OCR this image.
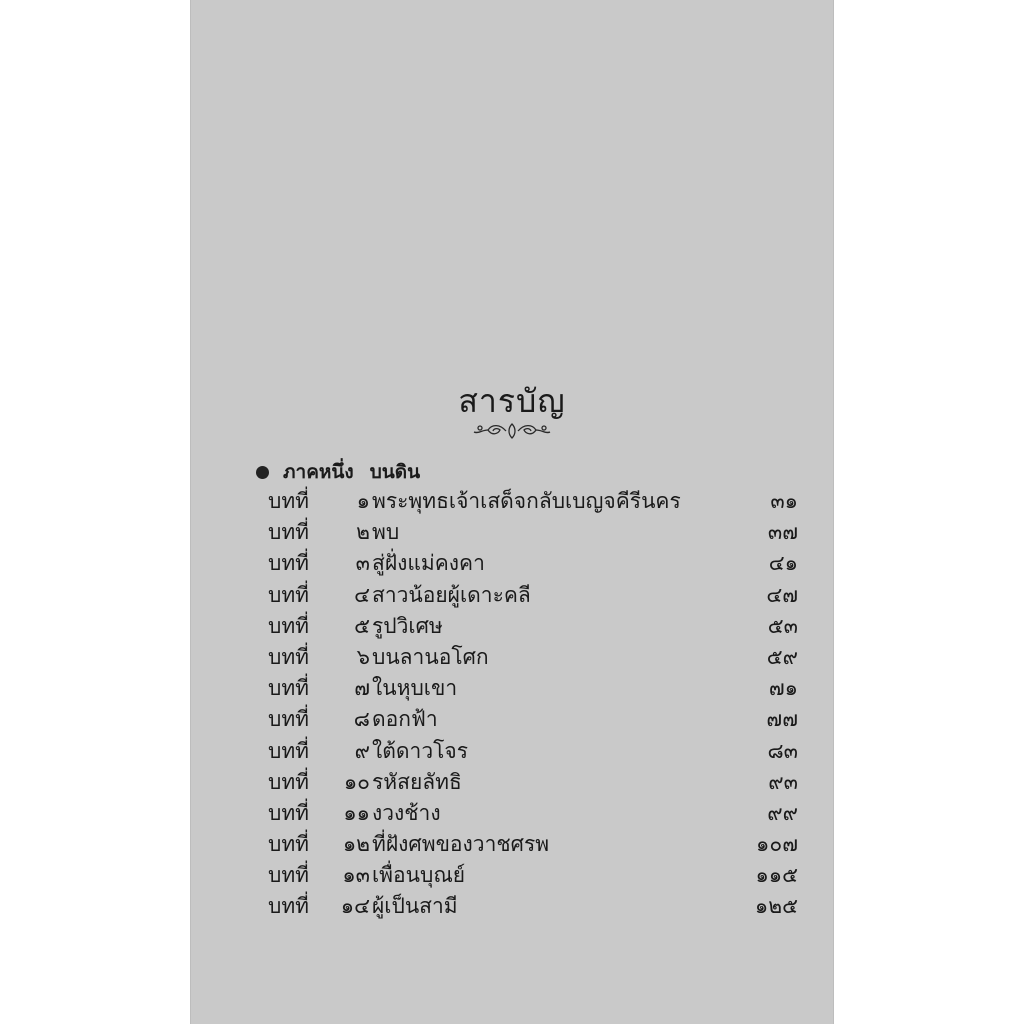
สารบัญ
ภาคหนึ่ง บนดิน
บทที่	๑ พระพุทธเจ้าเสด็จกลับเบญจคีรีนคร	๓๑
บทที่	๒ พบ	๓๗
บทที่	๓ สู่ฝั่งแม่คงคา	๔๑
บทที่	๔ สาวน้อยผู้เดาะคลี	๔๗
บทที่	๕ รูปวิเศษ	๕๓
บทที่	๖ บนลานอโศก	๕๙
บทที่	๗ ในหุบเขา	๗๑
บทที่	๘ ดอกฟ้า	๗๗
บทที่	๙ ใต้ดาวโจร	๘๓
บทที่	๑๐ รหัสยลัทธิ	๙๓
บทที่	๑๑ งวงช้าง	๙๙
บทที่	๑๒ ที่ฝังศพของวาชศรพ	๑๐๗
บทที่	๑๓ เพื่อนบุณย์	๑๑๕
บทที่	๑๔ ผู้เป็นสามี	๑๒๕
